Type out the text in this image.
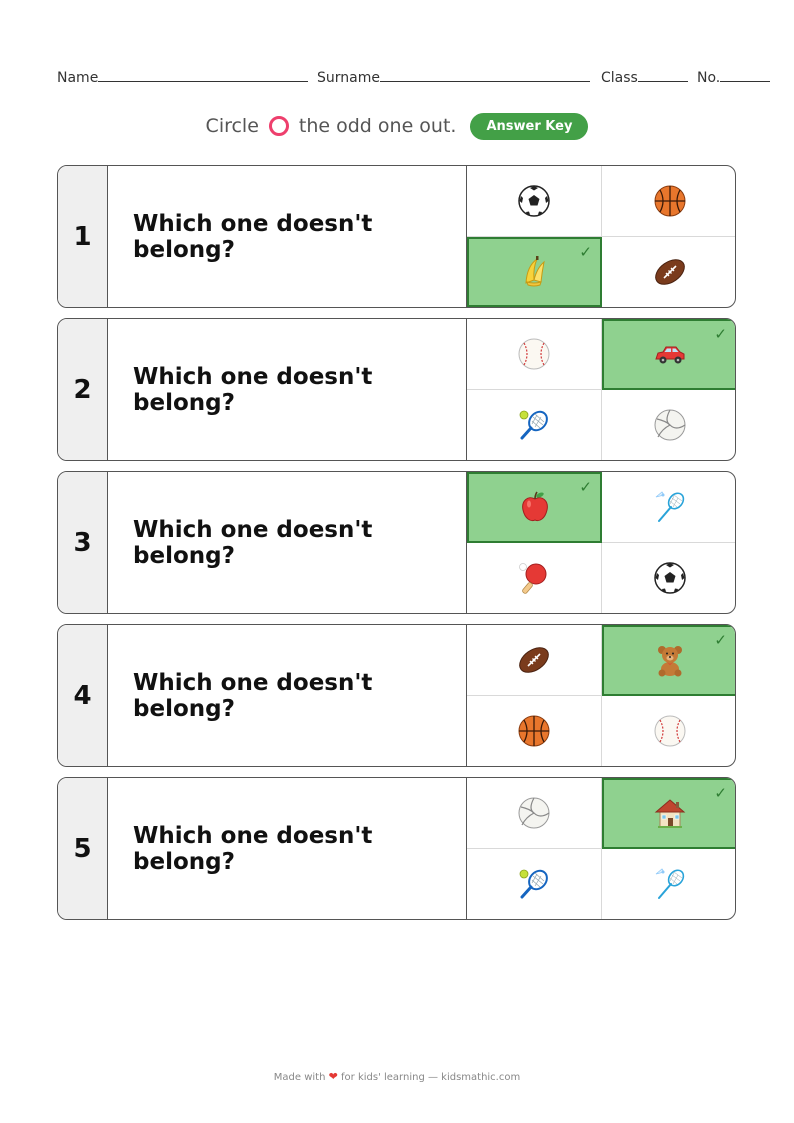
Name	Surname	Class	No.
Circle the odd one out.	Answer Key
1	Which one doesn't belong?	✓
2	Which one doesn't belong?
✓
3	Which one doesn't belong?
✓
4	Which one doesn't belong?
✓
5	Which one doesn't belong?
✓
Made with ❤ for kids' learning — kidsmathic.com
